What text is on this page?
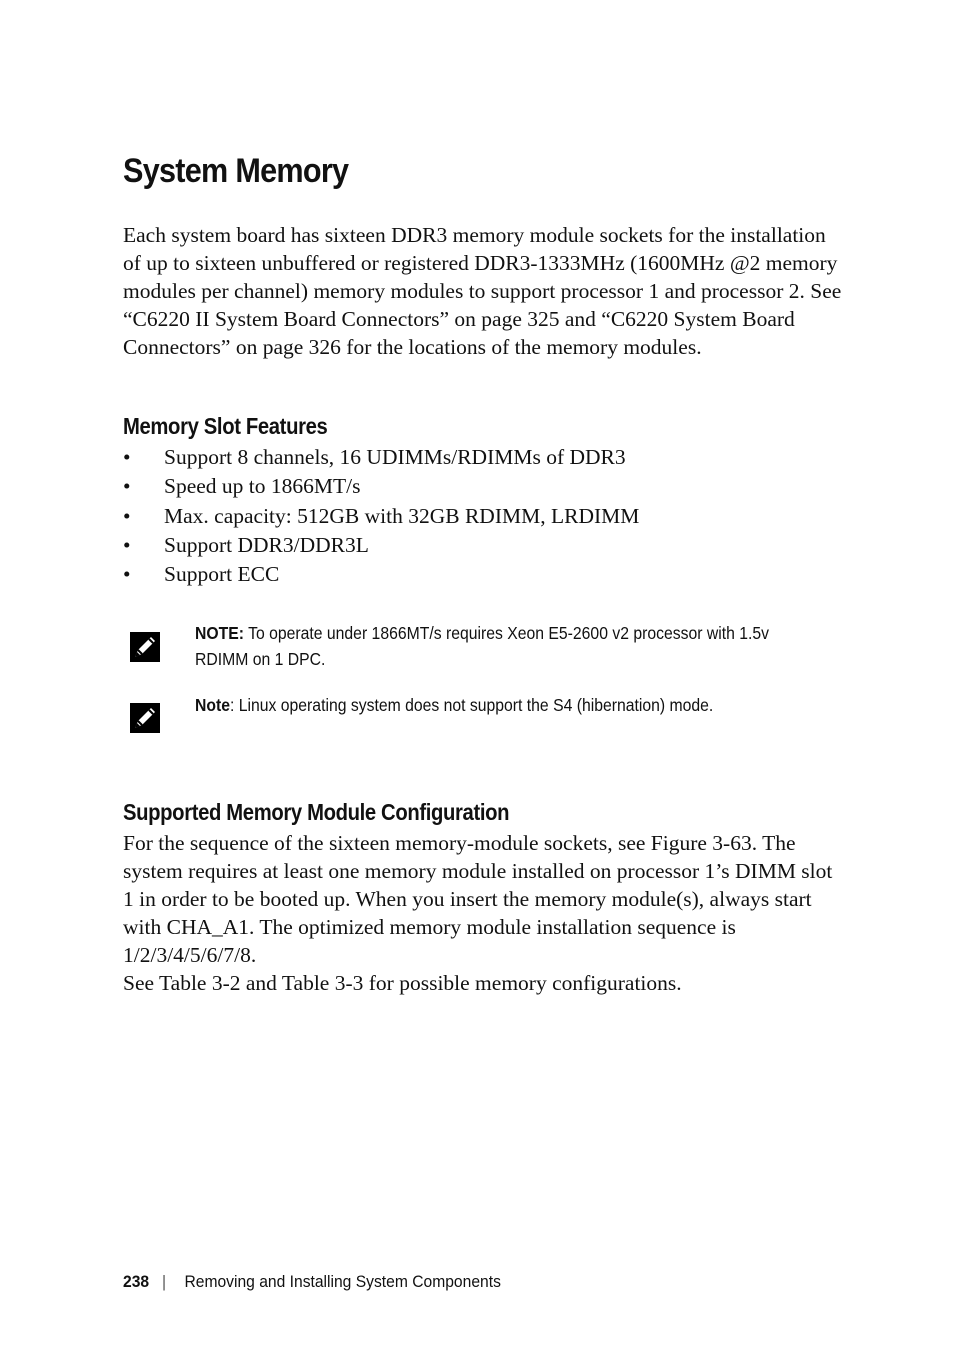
System Memory

Each system board has sixteen DDR3 memory module sockets for the installation of up to sixteen unbuffered or registered DDR3-1333MHz (1600MHz @2 memory modules per channel) memory modules to support processor 1 and processor 2. See “C6220 II System Board Connectors” on page 325 and “C6220 System Board Connectors” on page 326 for the locations of the memory modules.

Memory Slot Features
• Support 8 channels, 16 UDIMMs/RDIMMs of DDR3
• Speed up to 1866MT/s
• Max. capacity: 512GB with 32GB RDIMM, LRDIMM
• Support DDR3/DDR3L
• Support ECC
NOTE: To operate under 1866MT/s requires Xeon E5-2600 v2 processor with 1.5v RDIMM on 1 DPC.
Note: Linux operating system does not support the S4 (hibernation) mode.
Supported Memory Module Configuration

For the sequence of the sixteen memory-module sockets, see Figure 3-63. The system requires at least one memory module installed on processor 1’s DIMM slot 1 in order to be booted up. When you insert the memory module(s), always start with CHA_A1. The optimized memory module installation sequence is 1/2/3/4/5/6/7/8.

See Table 3-2 and Table 3-3 for possible memory configurations.

238 | Removing and Installing System Components
